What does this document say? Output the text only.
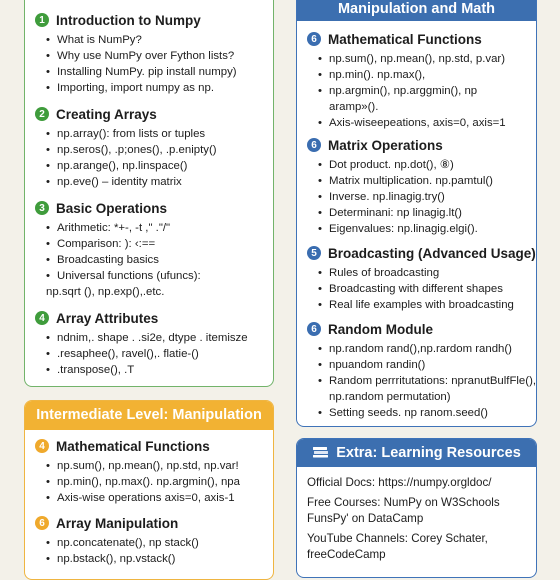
1 Introduction to Numpy
• What is NumPy?
• Why use NumPy over Fython lists?
• Installing NumPy. pip install numpy)
• Importing, import numpy as np.
2 Creating Arrays
• np.array(): from lists or tuples
• np.seros(), .p;ones(), .p.enipty()
• np.arange(), np.linspace()
• np.eve() – identity matrix
3 Basic Operations
• Arithmetic: *+-, -t ," ."/"
• Comparison: ): ‹:==
• Broadcasting basics
• Universal functions (ufuncs):
np.sqrt (), np.exp(),.etc.
4 Array Attributes
• ndnim,. shape . .si2e, dtype . itemisze
• .resaphee(), ravel(),. flatie-()
• .transpose(), .T
Intermediate Level: Manipulation
4 Mathematical Functions
• np.sum(), np.mean(), np.std, np.var!
• np.min(), np.max(). np.argmin(), npa
• Axis-wise operations axis=0, axis-1
6 Array Manipulation
• np.concatenate(), np stack()
• np.bstack(), np.vstack()
Manipulation and Math
6 Mathematical Functions
• np.sum(), np.mean(), np.std, p.var)
• np.min(). np.max(),
• np.argmin(), np.arggmin(), np
aramp»().
• Axis-wiseepeations, axis=0, axis=1
6 Matrix Operations
• Dot product. np.dot(), ⑧)
• Matrix multiplication. np.pamtul()
• Inverse. np.linagig.try()
• Determinani: np linagig.lt()
• Eigenvalues: np.linagig.elgi().
5 Broadcasting (Advanced Usage)
• Rules of broadcasting
• Broadcasting with different shapes
• Real life examples with broadcasting
6 Random Module
• np.random rand(),np.rardom randh()
• npuandom randin()
• Random perrritutations: npranutBulfFle(),
np.random permutation)
• Setting seeds. np ranom.seed()
Extra: Learning Resources
Official Docs: https://numpy.orgldoc/
Free Courses: NumPy on W3Schools
FunsPy' on DataCamp
YouTube Channels: Corey Schater,
freeCodeCamp
